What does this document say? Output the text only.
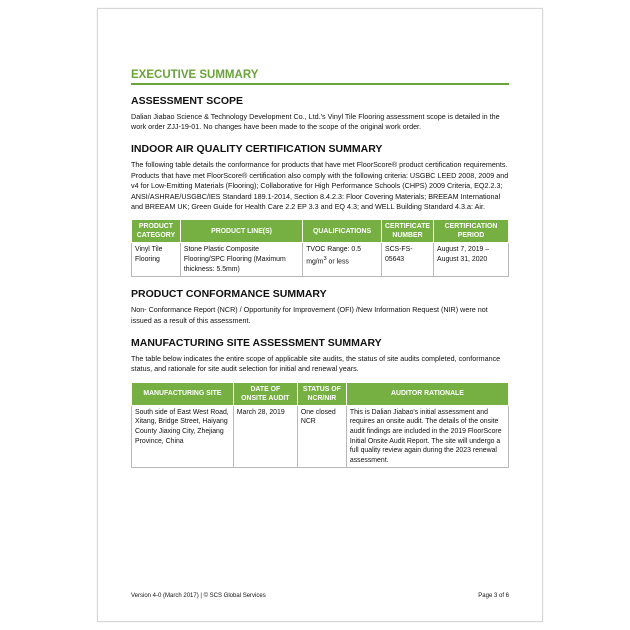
EXECUTIVE SUMMARY
ASSESSMENT SCOPE

Dalian Jiabao Science & Technology Development Co., Ltd.'s Vinyl Tile Flooring assessment scope is detailed in the work order ZJJ-19-01. No changes have been made to the scope of the original work order.

INDOOR AIR QUALITY CERTIFICATION SUMMARY

The following table details the conformance for products that have met FloorScore® product certification requirements. Products that have met FloorScore® certification also comply with the following criteria: USGBC LEED 2008, 2009 and v4 for Low-Emitting Materials (Flooring); Collaborative for High Performance Schools (CHPS) 2009 Criteria, EQ2.2.3; ANSI/ASHRAE/USGBC/IES Standard 189.1-2014, Section 8.4.2.3: Floor Covering Materials; BREEAM International and BREEAM UK; Green Guide for Health Care 2.2 EP 3.3 and EQ 4.3; and WELL Building Standard 4.3.a: Air.

PRODUCT CATEGORY	PRODUCT LINE(S)	QUALIFICATIONS	CERTIFICATE NUMBER	CERTIFICATION PERIOD
Vinyl Tile Flooring	Stone Plastic Composite Flooring/SPC Flooring (Maximum thickness: 5.5mm)	TVOC Range: 0.5 $mg/m^3$ or less	SCS-FS-05643	August 7, 2019 – August 31, 2020
PRODUCT CONFORMANCE SUMMARY

Non- Conformance Report (NCR) / Opportunity for Improvement (OFI) /New Information Request (NIR) were not issued as a result of this assessment.

MANUFACTURING SITE ASSESSMENT SUMMARY

The table below indicates the entire scope of applicable site audits, the status of site audits completed, conformance status, and rationale for site audit selection for initial and renewal years.

MANUFACTURING SITE	DATE OF ONSITE AUDIT	STATUS OF NCR/NIR	AUDITOR RATIONALE
South side of East West Road, Xitang, Bridge Street, Haiyang County Jiaxing City, Zhejiang Province, China	March 28, 2019	One closed NCR	This is Dalian Jiabao's initial assessment and requires an onsite audit. The details of the onsite audit findings are included in the 2019 FloorScore Initial Onsite Audit Report. The site will undergo a full quality review again during the 2023 renewal assessment.
Version 4-0 (March 2017) | © SCS Global Services	Page 3 of 6
